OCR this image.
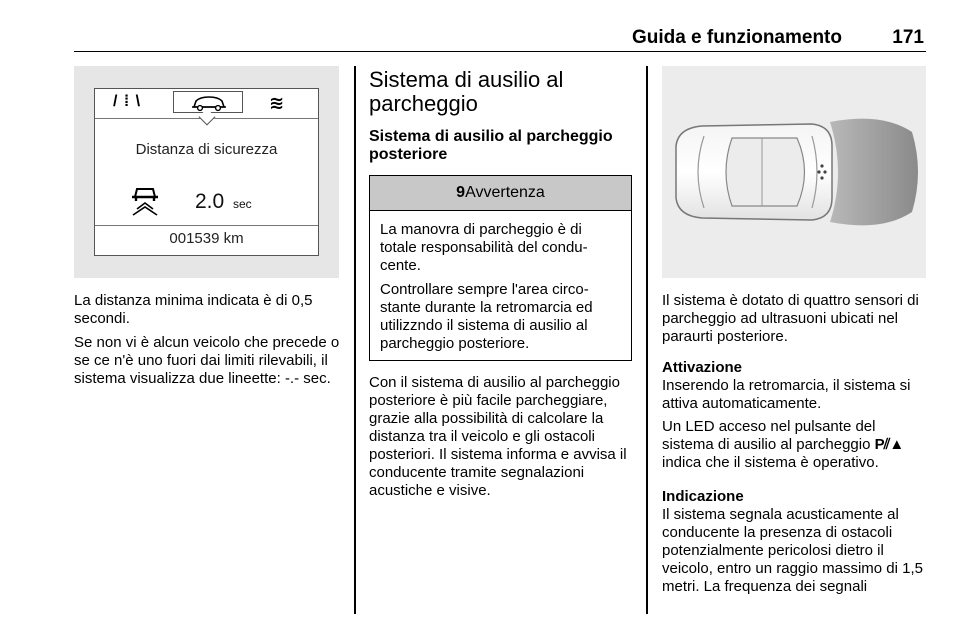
Guida e funzionamento	171
/ ⁞ \	≋
Distanza di sicurezza
2.0 sec
001539 km

La distanza minima indicata è di 0,5 secondi.

Se non vi è alcun veicolo che precede o se ce n'è uno fuori dai limiti rilevabili, il sistema visualizza due lineette: -.- sec.

Sistema di ausilio al parcheggio
Sistema di ausilio al parcheggio posteriore
9Avvertenza

La manovra di parcheggio è di totale responsabilità del condu-cente.

Controllare sempre l'area circo-stante durante la retromarcia ed utilizzndo il sistema di ausilio al parcheggio posteriore.

Con il sistema di ausilio al parcheggio posteriore è più facile parcheggiare, grazie alla possibilità di calcolare la distanza tra il veicolo e gli ostacoli posteriori. Il sistema informa e avvisa il conducente tramite segnalazioni acustiche e visive.

Il sistema è dotato di quattro sensori di parcheggio ad ultrasuoni ubicati nel paraurti posteriore.

Attivazione

Inserendo la retromarcia, il sistema si attiva automaticamente.

Un LED acceso nel pulsante del sistema di ausilio al parcheggio P⫽▲ indica che il sistema è operativo.

Indicazione

Il sistema segnala acusticamente al conducente la presenza di ostacoli potenzialmente pericolosi dietro il veicolo, entro un raggio massimo di 1,5 metri. La frequenza dei segnali
